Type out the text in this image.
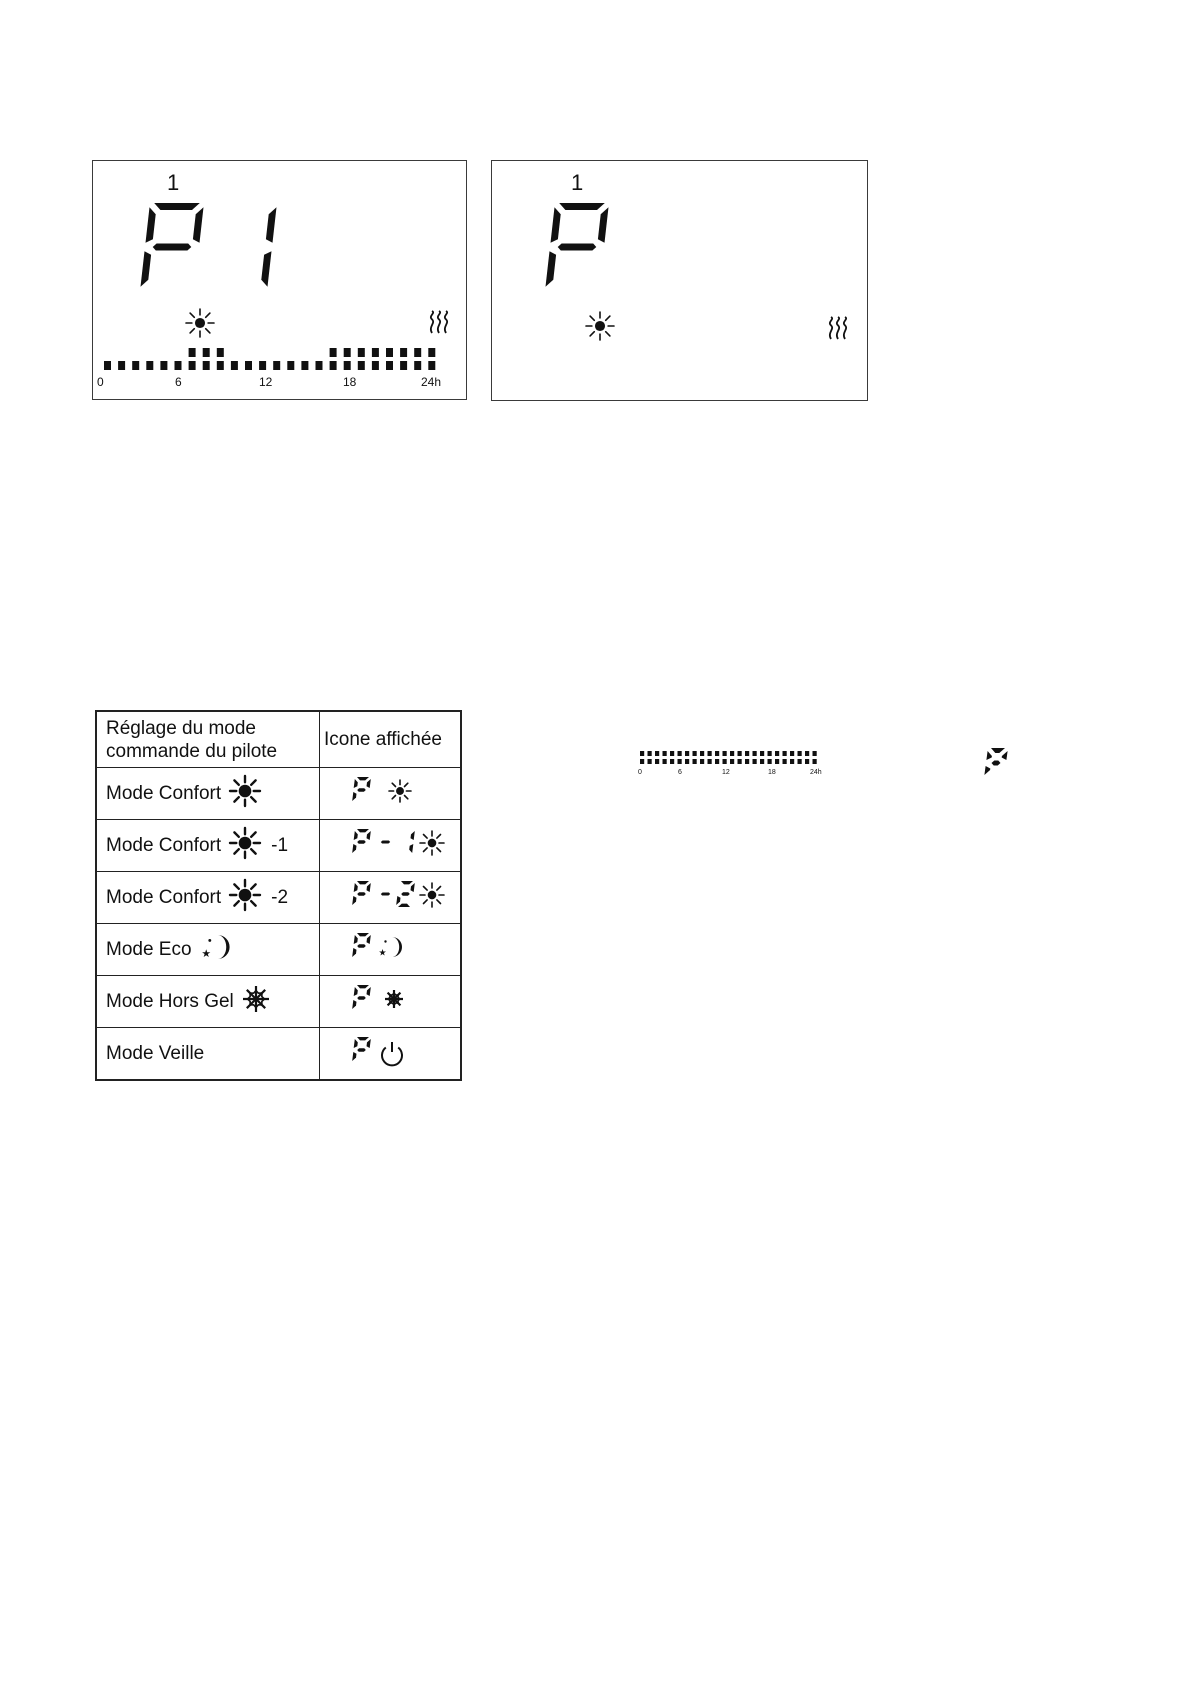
1
0	6	12	18	24h
1
Réglage du mode
commande du pilote	Icone affichée

Mode Confort

Mode Confort -1

Mode Confort -2

Mode Eco ★	★

Mode Hors Gel

Mode Veille

0	6	12	18	24h
